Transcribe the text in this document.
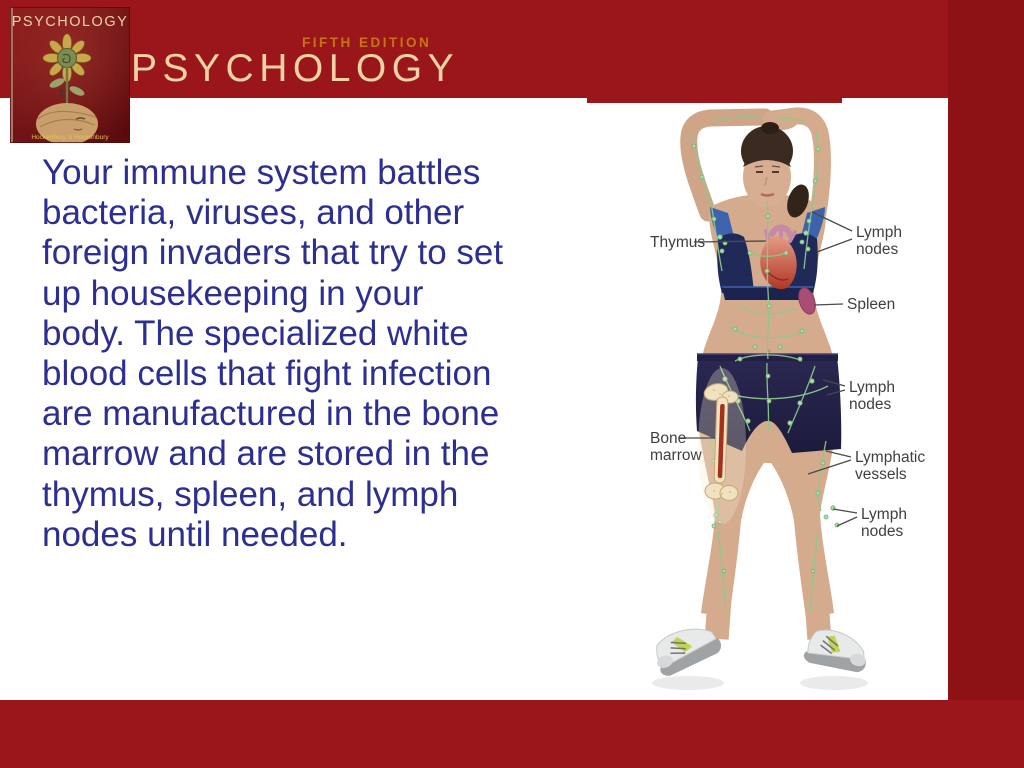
PSYCHOLOGY
Hockenbury & Hockenbury
FIFTH EDITION
PSYCHOLOGY
Your immune system battles
bacteria, viruses, and other
foreign invaders that try to set
up housekeeping in your
body. The specialized white
blood cells that fight infection
are manufactured in the bone
marrow and are stored in the
thymus, spleen, and lymph
nodes until needed.
Thymus
Lymph
nodes
Spleen
Lymph
nodes
Bone
marrow	Lymphatic
vessels
Lymph
nodes
